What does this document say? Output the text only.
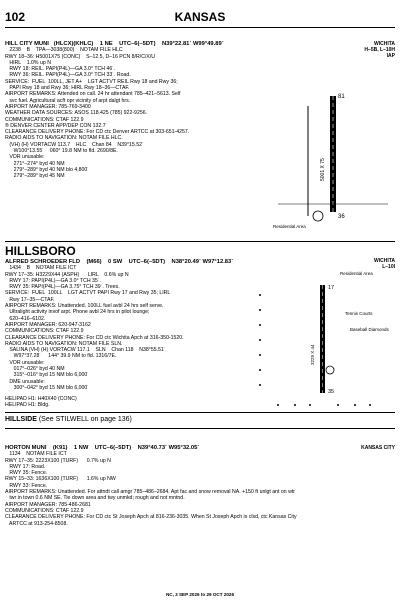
102	KANSAS
WICHITA
H–5B, L–10H
IAP
HILL CITY MUNI   (HLCX)(KHLC)    1 NE    UTC–6(–5DT)    N39°22.81´ W99°49.89´
2238    B    TPA—3038(800)    NOTAM FILE HLC
RWY 18–36: H5001X75 (CONC)    S–12.5, D–16 PCN 8/R/C/X/U
HIRL    1.0% up N
RWY 18: REIL. PAPI(P4L)—GA 3.0° TCH 46´.
RWY 36: REIL. PAPI(P4L)—GA 3.0° TCH 33´. Road.
SERVICE:  FUEL  100LL, JET A+    LGT ACTVT REIL Rwy 18 and Rwy 36;
PAPI Rwy 18 and Rwy 36; HIRL Rwy 18–36—CTAF.
AIRPORT REMARKS: Attended on call. 24 hr attendant 785–421–5613. Self
svc fuel. Agricultural acft opr vicinity of arpt dalgt hrs.
AIRPORT MANAGER: 785-769-3400
WEATHER DATA SOURCES: ASOS 118.425 (785) 922-9256.
COMMUNICATIONS: CTAF 122.9
® DENVER CENTER APP/DEP CON 132.7
CLEARANCE DELIVERY PHONE: For CD ctc Denver ARTCC at 303-651-4257.
RADIO AIDS TO NAVIGATION: NOTAM FILE HLC.
(VH) (H) VORTACW 113.7    HLC    Chan 84    N39°15.52´
W100°13.55´    060° 19.8 NM to fld. 2690/8E.
VOR unusable:
271°–274° byd 40 NM
279°–289° byd 40 NM blo 4,800´
279°–289° byd 45 NM
81
36
5001 X 75
Residential Area
HILLSBORO
WICHITA
L–10I
ALFRED SCHROEDER FLD    (M66)    0 SW    UTC–6(–5DT)    N38°20.49´ W97°12.83´
1434    B    NOTAM FILE ICT
RWY 17–35: H3229X44 (ASPH)      LIRL    0.6% up N
RWY 17: PAPI(P4L)—GA 3.0° TCH 35´.
RWY 35: PAPI(P4L)—GA 3.75° TCH 39´. Trees.
SERVICE:  FUEL  100LL    LGT ACTVT PAPI Rwy 17 and Rwy 35; LIRL
Rwy 17–35—CTAF.
AIRPORT REMARKS: Unattended. 100LL fuel avbl 24 hrs self serve.
Ultralight activity invof arpt. Phone avbl 24 hrs in pilot lounge;
620–416–6102.
AIRPORT MANAGER: 620-947-3162
COMMUNICATIONS: CTAF 122.9
CLEARANCE DELIVERY PHONE: For CD ctc Wichita Apch at 316-350-1520.
RADIO AIDS TO NAVIGATION: NOTAM FILE SLN.
SALINA (VH) (H) VORTACW 117.1    SLN    Chan 118    N38°55.51´
W97°37.28´     144° 39.9 NM to fld. 1316/7E.
VOR unusable:
017°–026° byd 40 NM
315°–016° byd 15 NM blo 6,000´
DME unusable:
300°–042° byd 15 NM blo 6,000´
Residential Area
Tennis Courts
Baseball Diamonds
3229 X 44
17
35
HELIPAD H1: H40X40 (CONC)
HELIPAD H1: Bldg.
HILLSIDE (See STILWELL on page 136)
KANSAS CITY
HORTON MUNI    (K91)    1 NW    UTC–6(–5DT)    N39°40.73´ W95°32.05´
1134    NOTAM FILE ICT
RWY 17–35: 2223X100 (TURF)      0.7% up N
RWY 17: Road.
RWY 35: Fence.
RWY 15–33: 1636X100 (TURF)      1.6% up NW
RWY 33: Fence.
AIRPORT REMARKS: Unattended. For attndt call amgr 785–486–2684. Apt fac and snow removal NA. +150 ft unlgt ant on wtr
twr in town 0.6 NM SE. Tie down area and twy unmkd; rough and not mntnd.
AIRPORT MANAGER: 785-486-2681
COMMUNICATIONS: CTAF 122.9
CLEARANCE DELIVERY PHONE: For CD ctc St Joseph Apch at 816-236-3035. When St Joseph Apch is clsd, ctc Kansas City
ARTCC at 913-254-8508.
NC, 3 SEP 2026 to 29 OCT 2026
